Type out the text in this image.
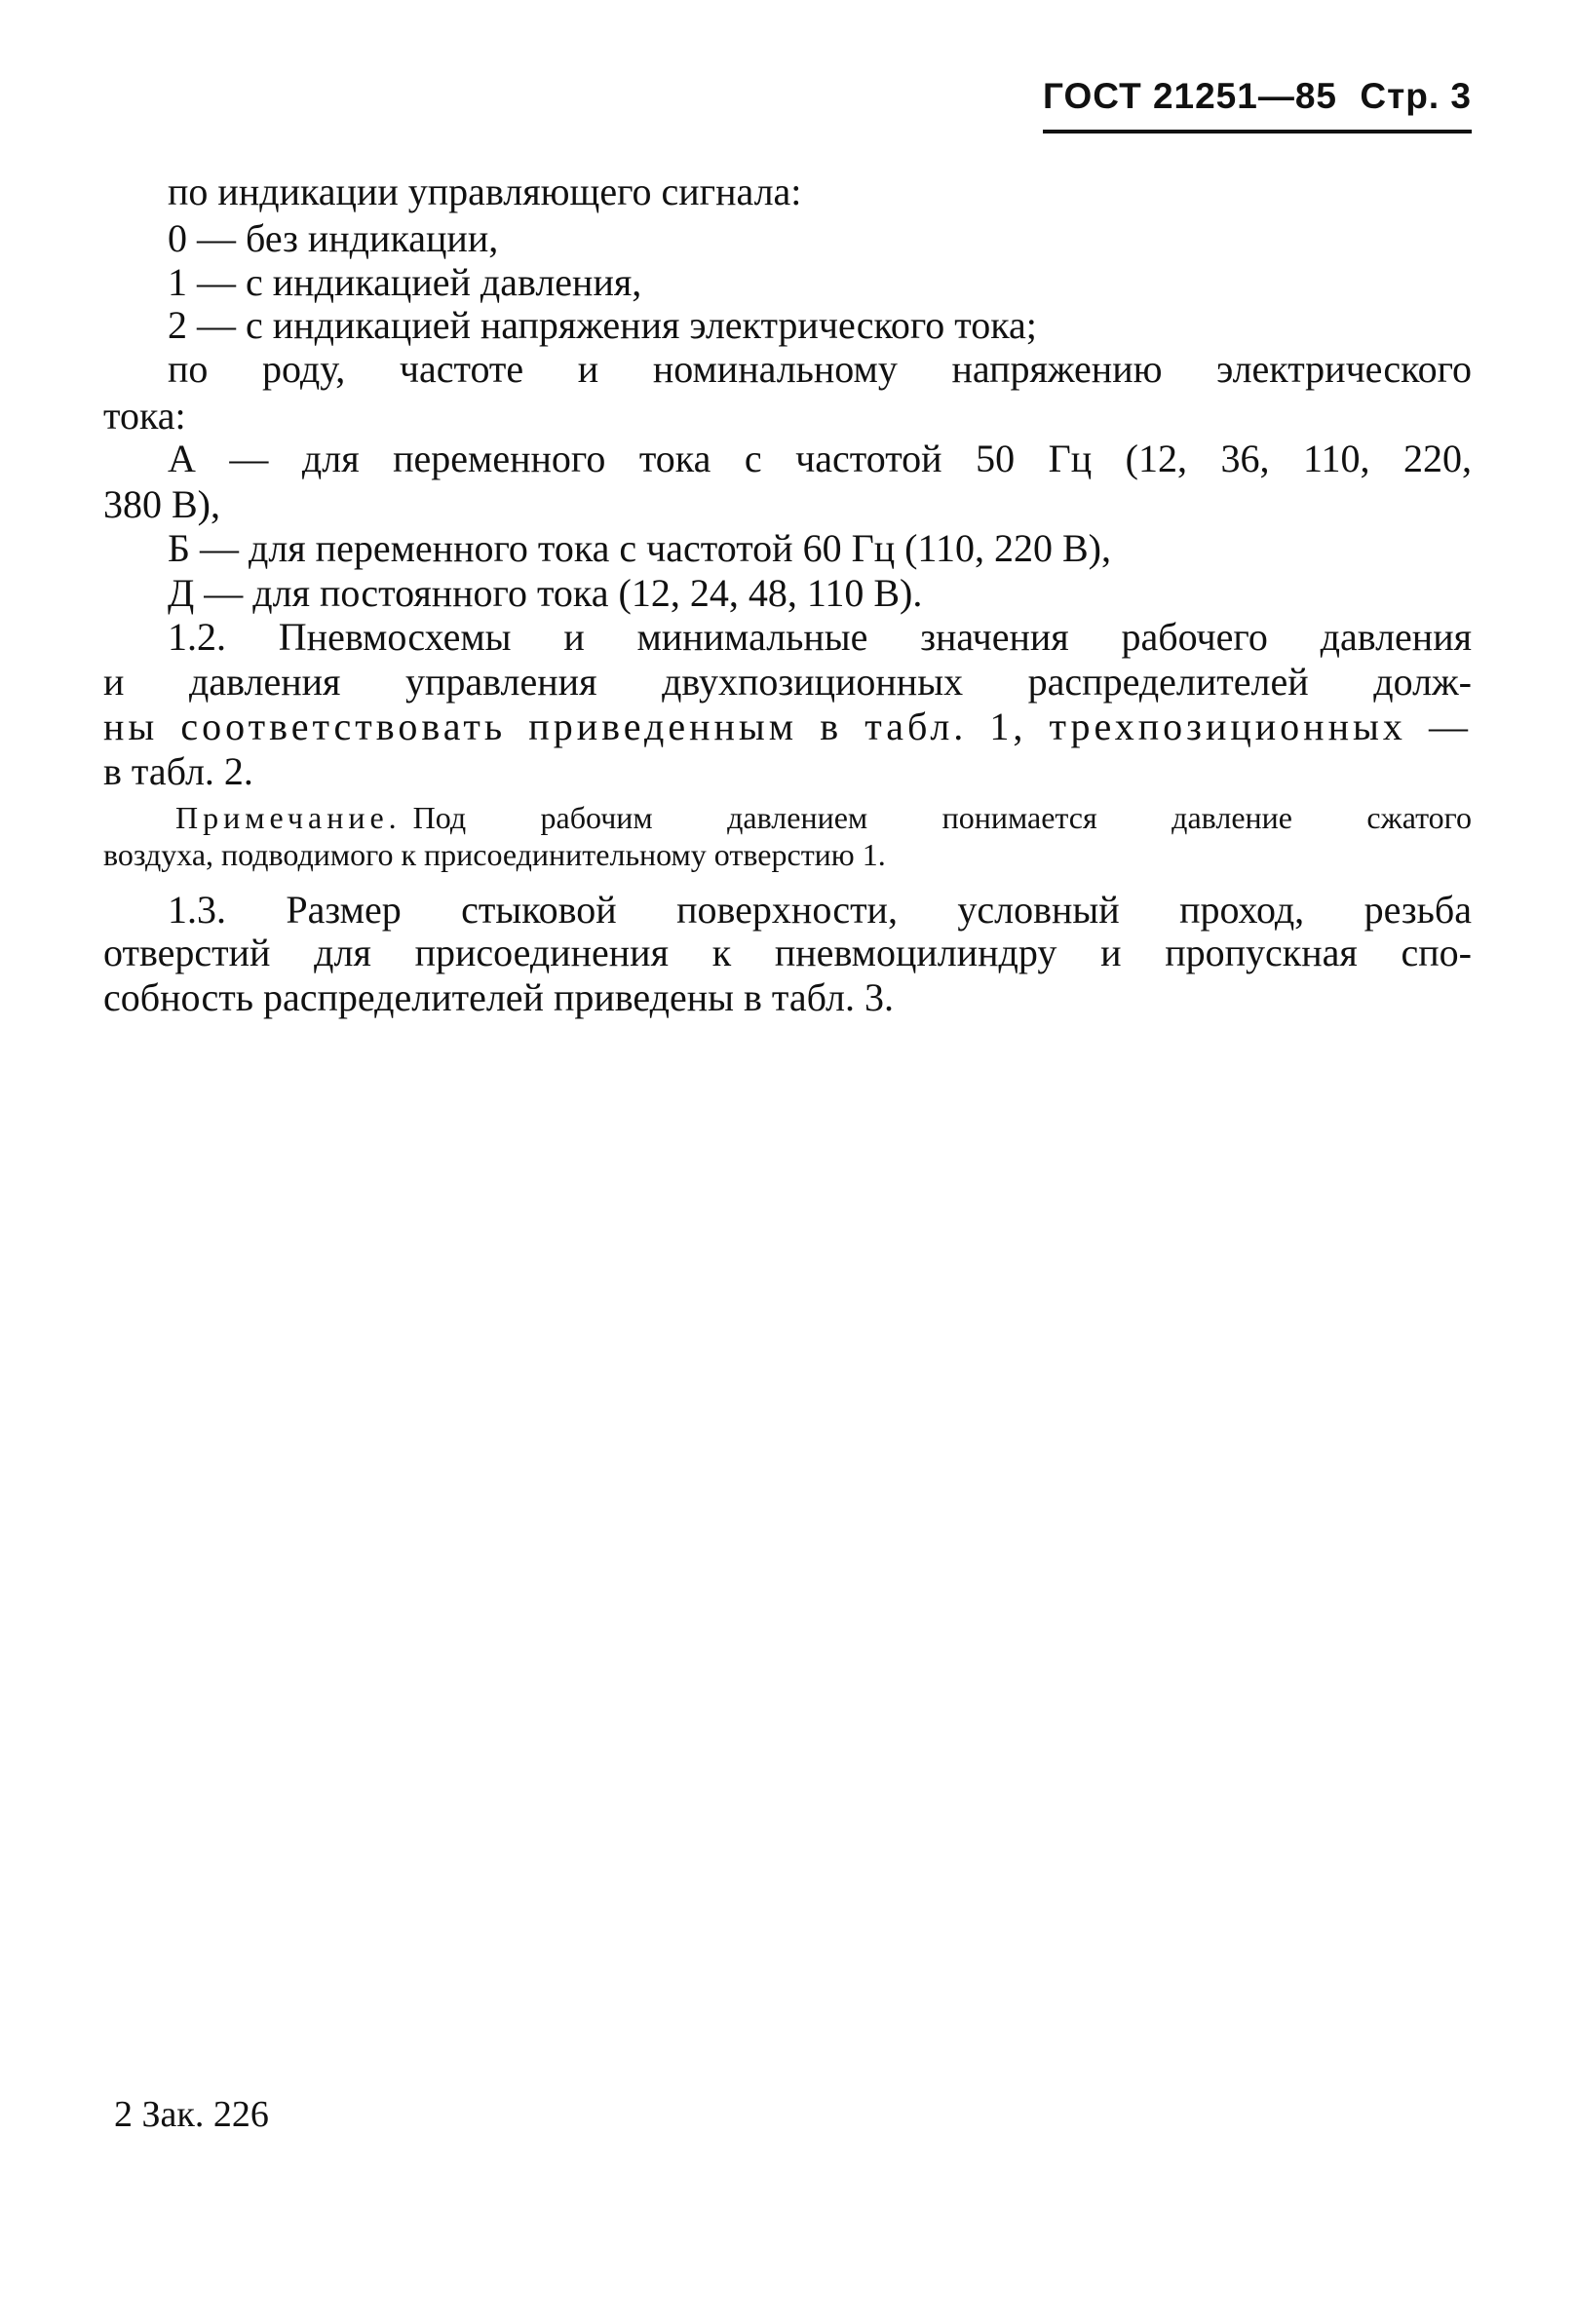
ГОСТ 21251—85 Стр. 3
по индикации управляющего сигнала:
0 — без индикации,
1 — с индикацией давления,
2 — с индикацией напряжения электрического тока;
по роду, частоте и номинальному напряжению электрического
тока:
А — для переменного тока с частотой 50 Гц (12, 36, 110, 220,
380 В),
Б — для переменного тока с частотой 60 Гц (110, 220 В),
Д — для постоянного тока (12, 24, 48, 110 В).
1.2. Пневмосхемы и минимальные значения рабочего давления
и давления управления двухпозиционных распределителей долж-
ны соответствовать приведенным в табл. 1, трехпозиционных —
в табл. 2.
Примечание. Под рабочим давлением понимается давление сжатого
воздуха, подводимого к присоединительному отверстию 1.
1.3. Размер стыковой поверхности, условный проход, резьба
отверстий для присоединения к пневмоцилиндру и пропускная спо-
собность распределителей приведены в табл. 3.
2 Зак. 226
